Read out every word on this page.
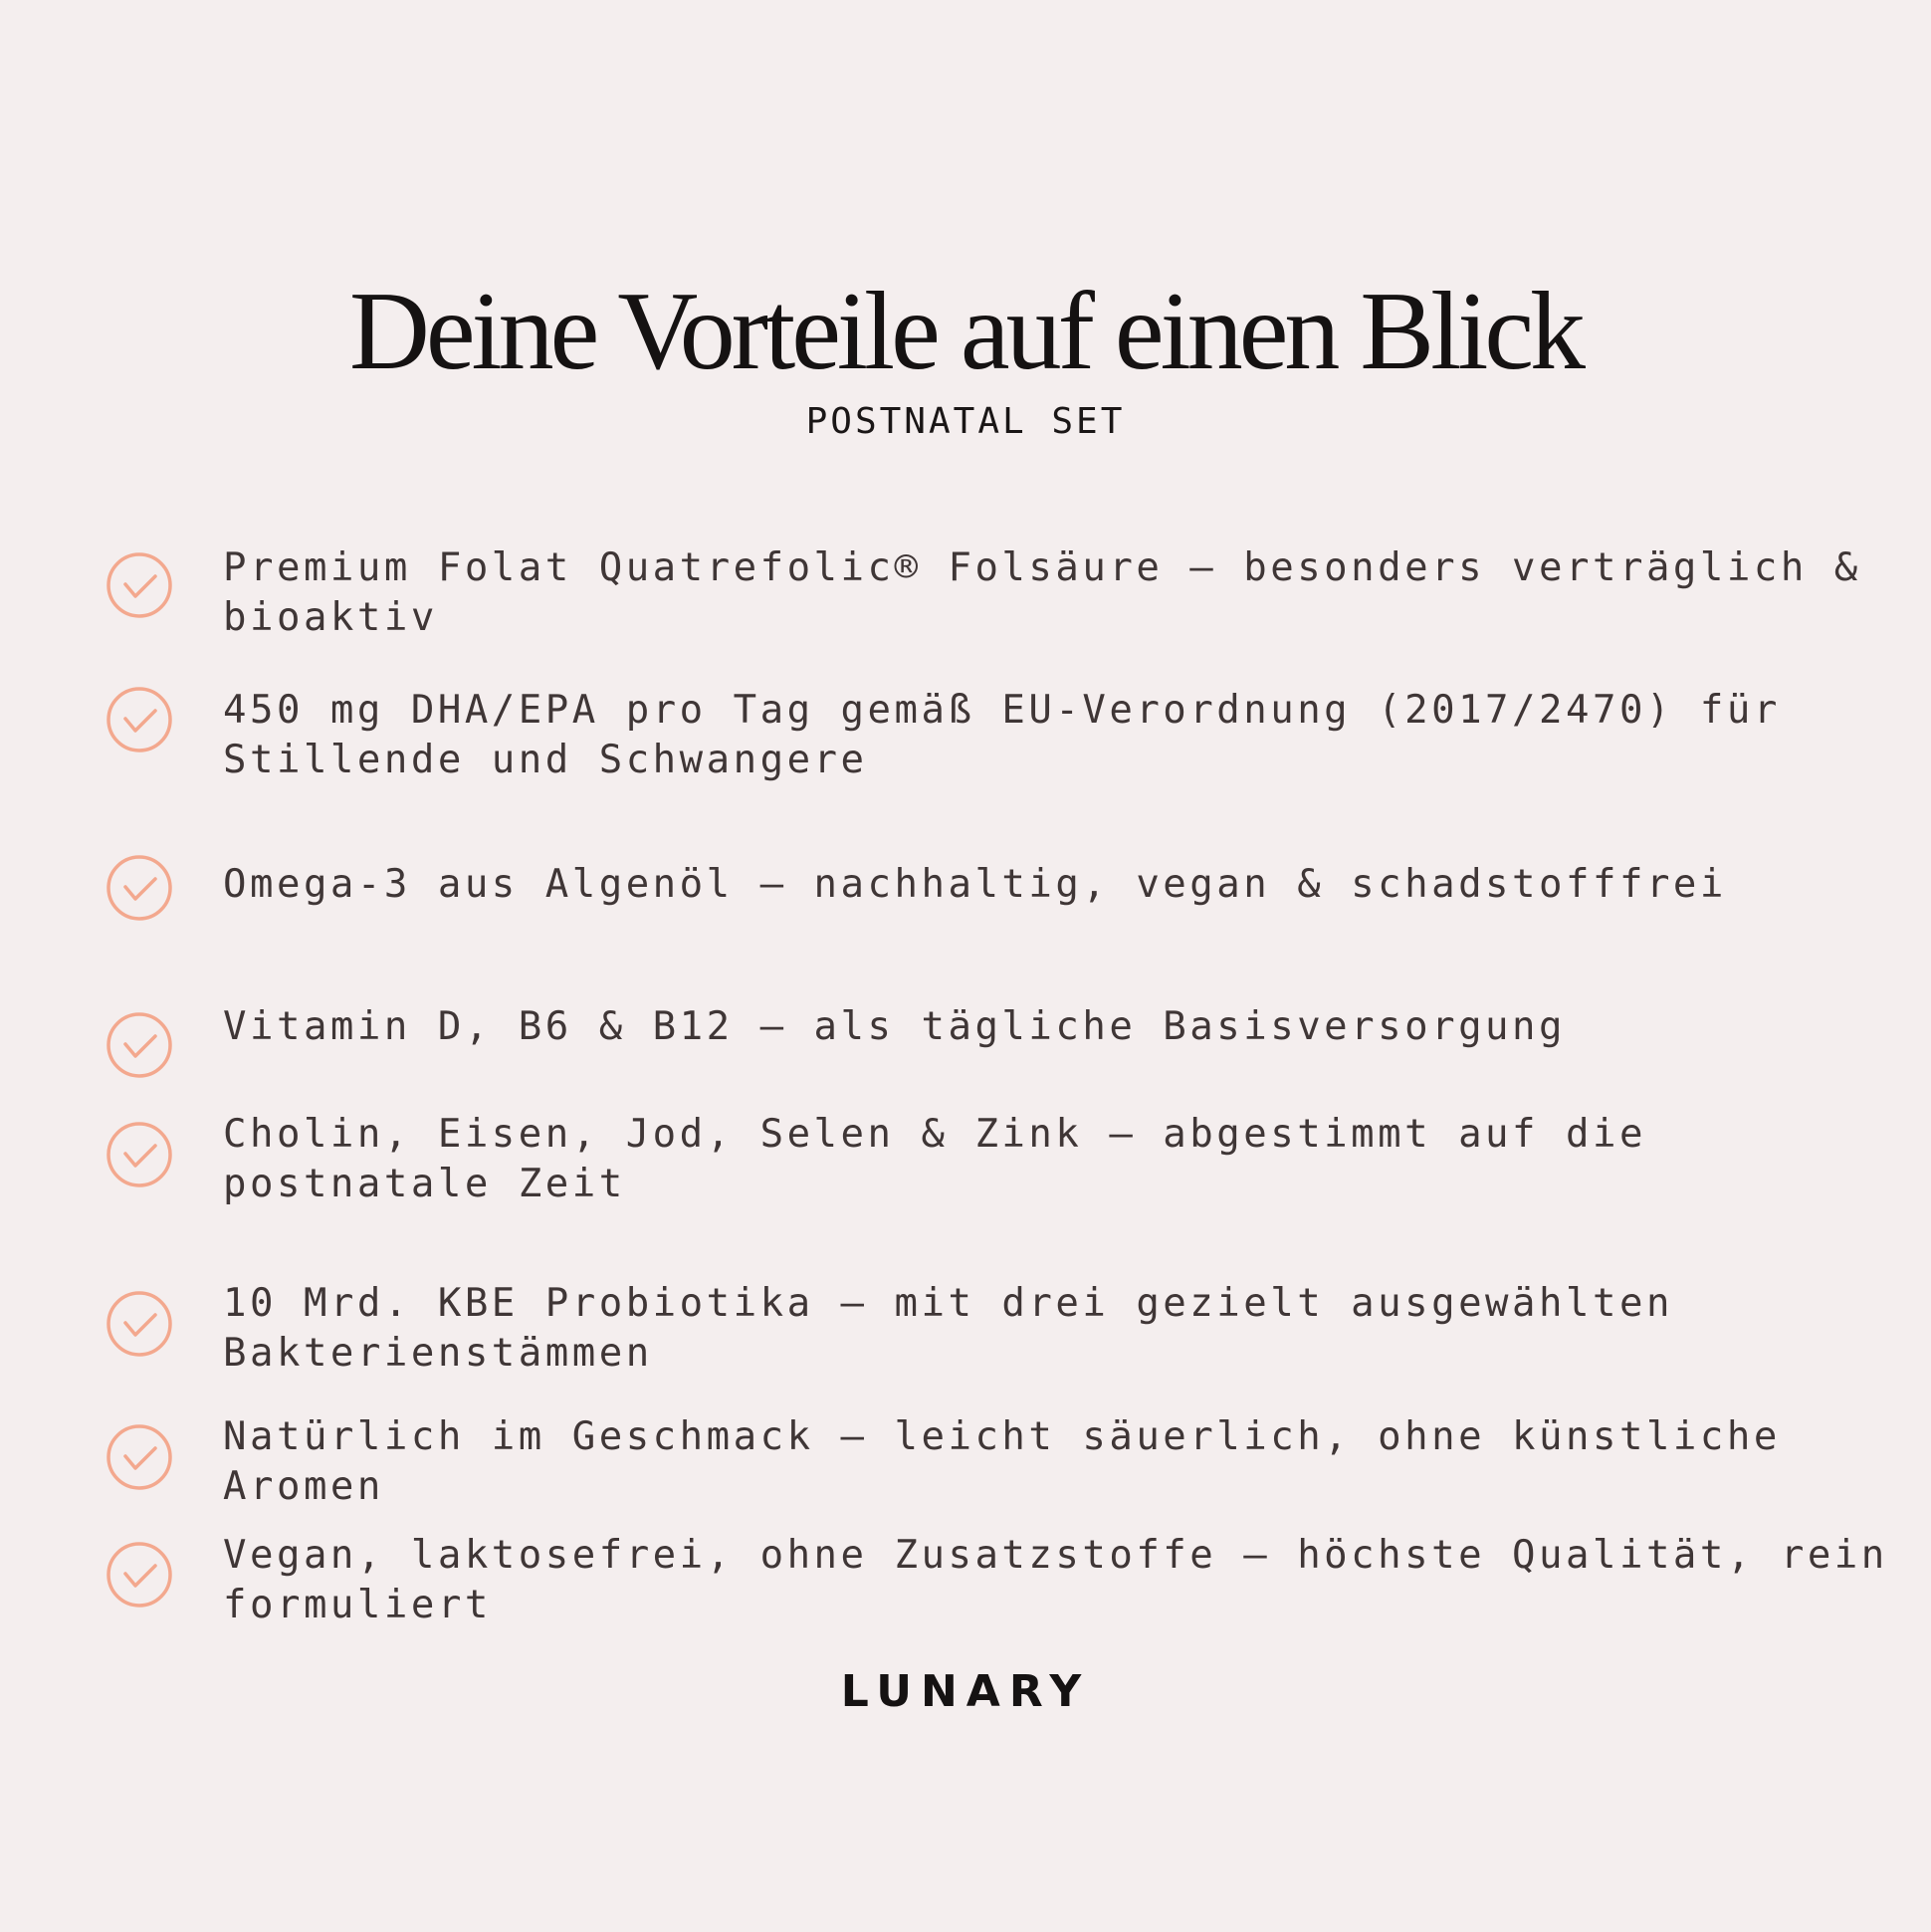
Deine Vorteile auf einen Blick
POSTNATAL SET
Premium Folat Quatrefolic® Folsäure – besonders verträglich &
bioaktiv
450 mg DHA/EPA pro Tag gemäß EU-Verordnung (2017/2470) für
Stillende und Schwangere
Omega-3 aus Algenöl – nachhaltig, vegan & schadstofffrei
Vitamin D, B6 & B12 – als tägliche Basisversorgung
Cholin, Eisen, Jod, Selen & Zink – abgestimmt auf die
postnatale Zeit
10 Mrd. KBE Probiotika – mit drei gezielt ausgewählten
Bakterienstämmen
Natürlich im Geschmack – leicht säuerlich, ohne künstliche
Aromen
Vegan, laktosefrei, ohne Zusatzstoffe – höchste Qualität, rein
formuliert
LUNARY
